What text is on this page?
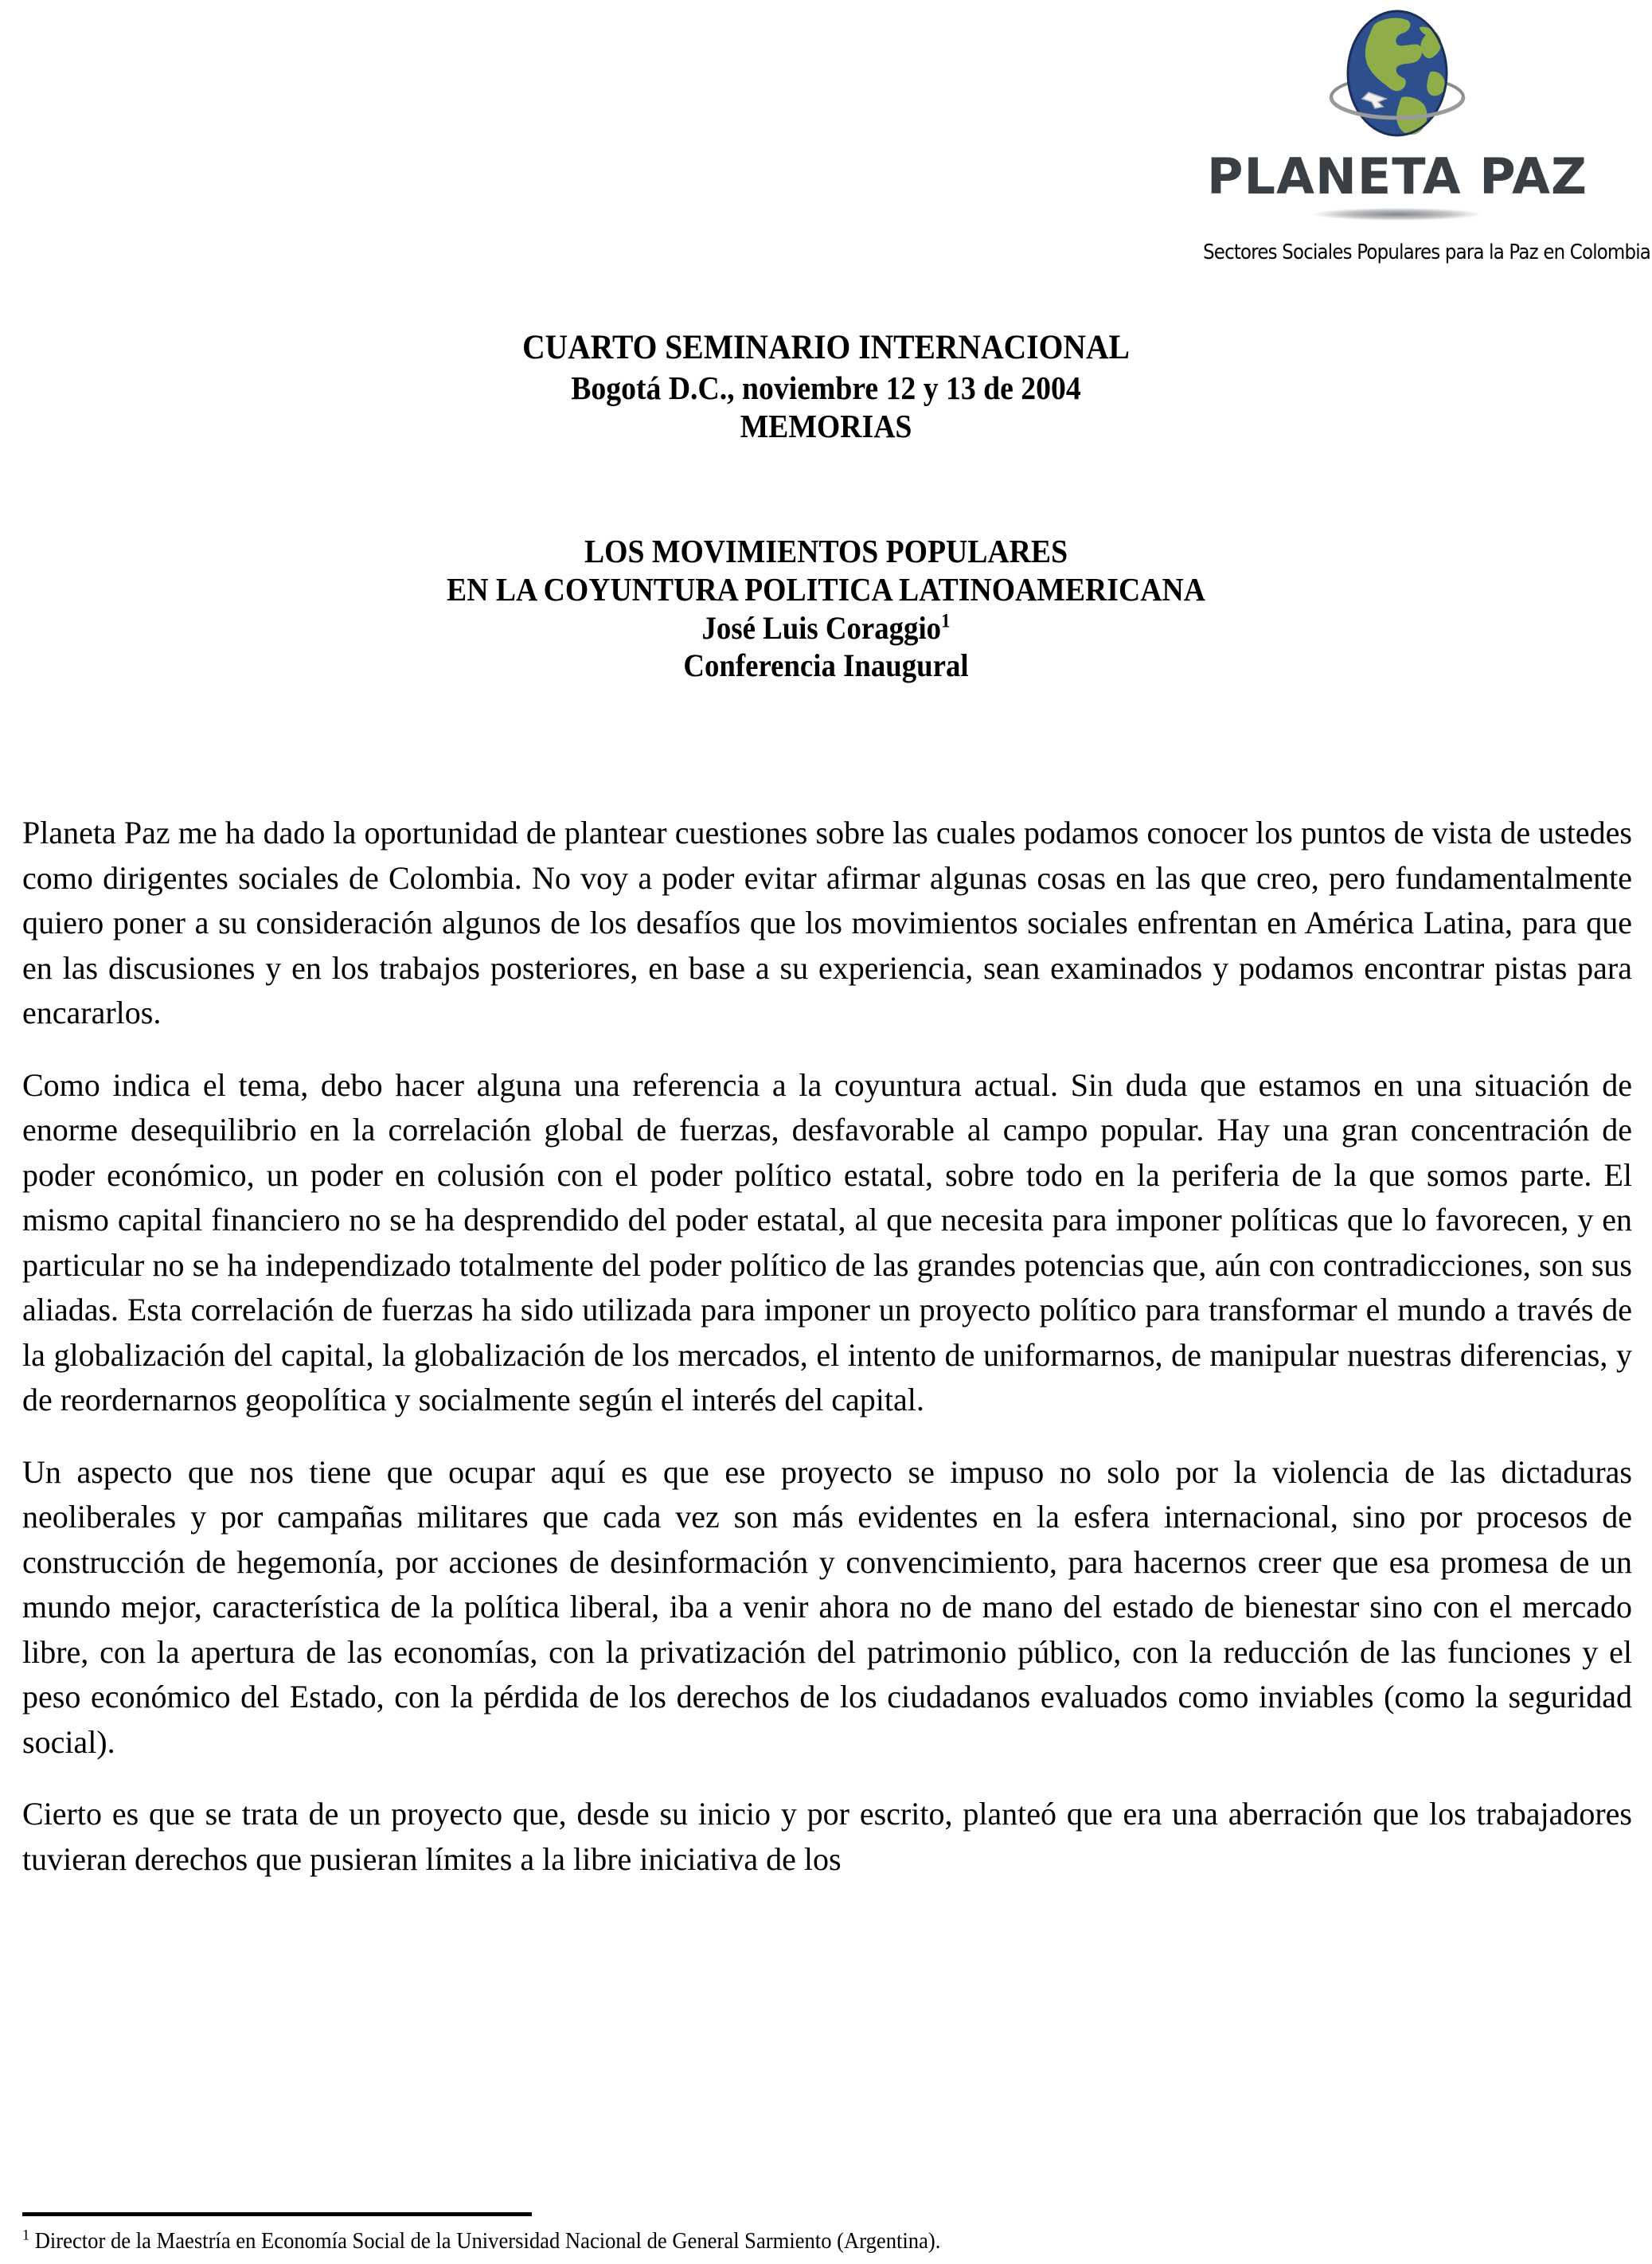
PLANETA PAZ
Sectores Sociales Populares para la Paz en Colombia
CUARTO SEMINARIO INTERNACIONAL
Bogotá D.C., noviembre 12 y 13 de 2004
MEMORIAS
LOS MOVIMIENTOS POPULARES
EN LA COYUNTURA POLITICA LATINOAMERICANA
José Luis Coraggio$^1$
Conferencia Inaugural

Planeta Paz me ha dado la oportunidad de plantear cuestiones sobre las cuales podamos conocer los puntos de vista de ustedes como dirigentes sociales de Colombia. No voy a poder evitar afirmar algunas cosas en las que creo, pero fundamentalmente quiero poner a su consideración algunos de los desafíos que los movimientos sociales enfrentan en América Latina, para que en las discusiones y en los trabajos posteriores, en base a su experiencia, sean examinados y podamos encontrar pistas para encararlos.

Como indica el tema, debo hacer alguna una referencia a la coyuntura actual. Sin duda que estamos en una situación de enorme desequilibrio en la correlación global de fuerzas, desfavorable al campo popular. Hay una gran concentración de poder económico, un poder en colusión con el poder político estatal, sobre todo en la periferia de la que somos parte. El mismo capital financiero no se ha desprendido del poder estatal, al que necesita para imponer políticas que lo favorecen, y en particular no se ha independizado totalmente del poder político de las grandes potencias que, aún con contradicciones, son sus aliadas. Esta correlación de fuerzas ha sido utilizada para imponer un proyecto político para transformar el mundo a través de la globalización del capital, la globalización de los mercados, el intento de uniformarnos, de manipular nuestras diferencias, y de reordernarnos geopolítica y socialmente según el interés del capital.

Un aspecto que nos tiene que ocupar aquí es que ese proyecto se impuso no solo por la violencia de las dictaduras neoliberales y por campañas militares que cada vez son más evidentes en la esfera internacional, sino por procesos de construcción de hegemonía, por acciones de desinformación y convencimiento, para hacernos creer que esa promesa de un mundo mejor, característica de la política liberal, iba a venir ahora no de mano del estado de bienestar sino con el mercado libre, con la apertura de las economías, con la privatización del patrimonio público, con la reducción de las funciones y el peso económico del Estado, con la pérdida de los derechos de los ciudadanos evaluados como inviables (como la seguridad social).

Cierto es que se trata de un proyecto que, desde su inicio y por escrito, planteó que era una aberración que los trabajadores tuvieran derechos que pusieran límites a la libre iniciativa de los

$^1$ Director de la Maestría en Economía Social de la Universidad Nacional de General Sarmiento (Argentina).
